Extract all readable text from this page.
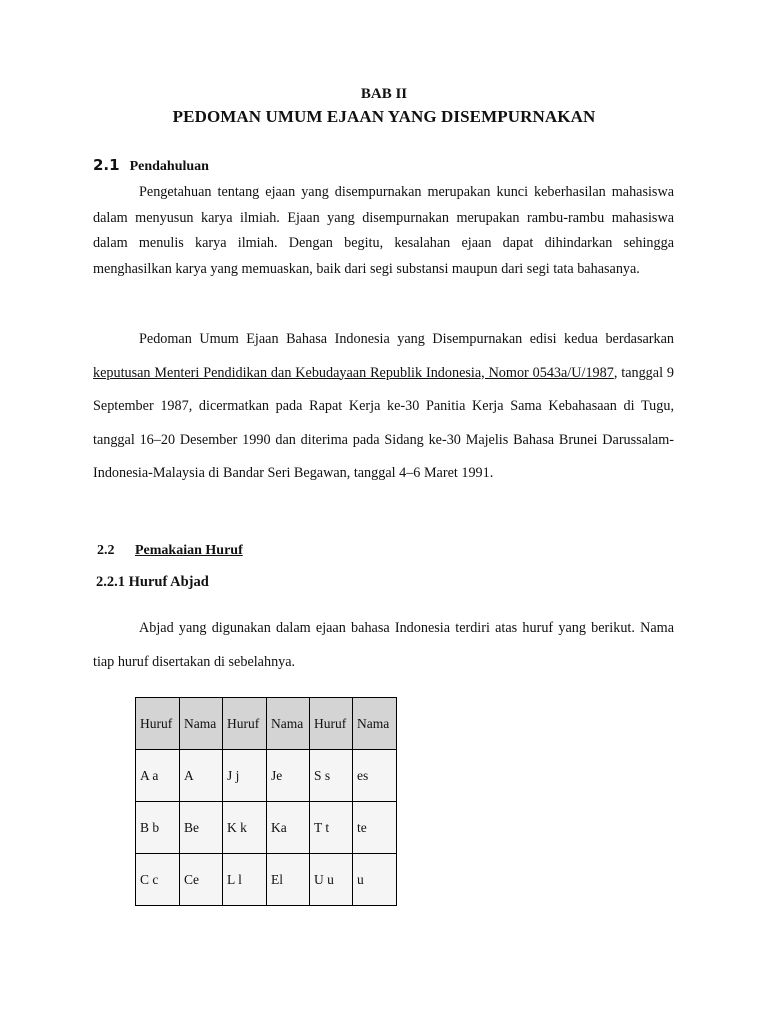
BAB II
PEDOMAN UMUM EJAAN YANG DISEMPURNAKAN
2.1 Pendahuluan

Pengetahuan tentang ejaan yang disempurnakan merupakan kunci keberhasilan mahasiswa dalam menyusun karya ilmiah. Ejaan yang disempurnakan merupakan rambu-rambu mahasiswa dalam menulis karya ilmiah. Dengan begitu, kesalahan ejaan dapat dihindarkan sehingga menghasilkan karya yang memuaskan, baik dari segi substansi maupun dari segi tata bahasanya.

Pedoman Umum Ejaan Bahasa Indonesia yang Disempurnakan edisi kedua berdasarkan keputusan Menteri Pendidikan dan Kebudayaan Republik Indonesia, Nomor 0543a/U/1987, tanggal 9 September 1987, dicermatkan pada Rapat Kerja ke-30 Panitia Kerja Sama Kebahasaan di Tugu, tanggal 16–20 Desember 1990 dan diterima pada Sidang ke-30 Majelis Bahasa Brunei Darussalam-Indonesia-Malaysia di Bandar Seri Begawan, tanggal 4–6 Maret 1991.

2.2 Pemakaian Huruf
2.2.1 Huruf Abjad

Abjad yang digunakan dalam ejaan bahasa Indonesia terdiri atas huruf yang berikut. Nama tiap huruf disertakan di sebelahnya.

Huruf	Nama	Huruf	Nama	Huruf	Nama
A a	A	J j	Je	S s	es
B b	Be	K k	Ka	T t	te
C c	Ce	L l	El	U u	u
